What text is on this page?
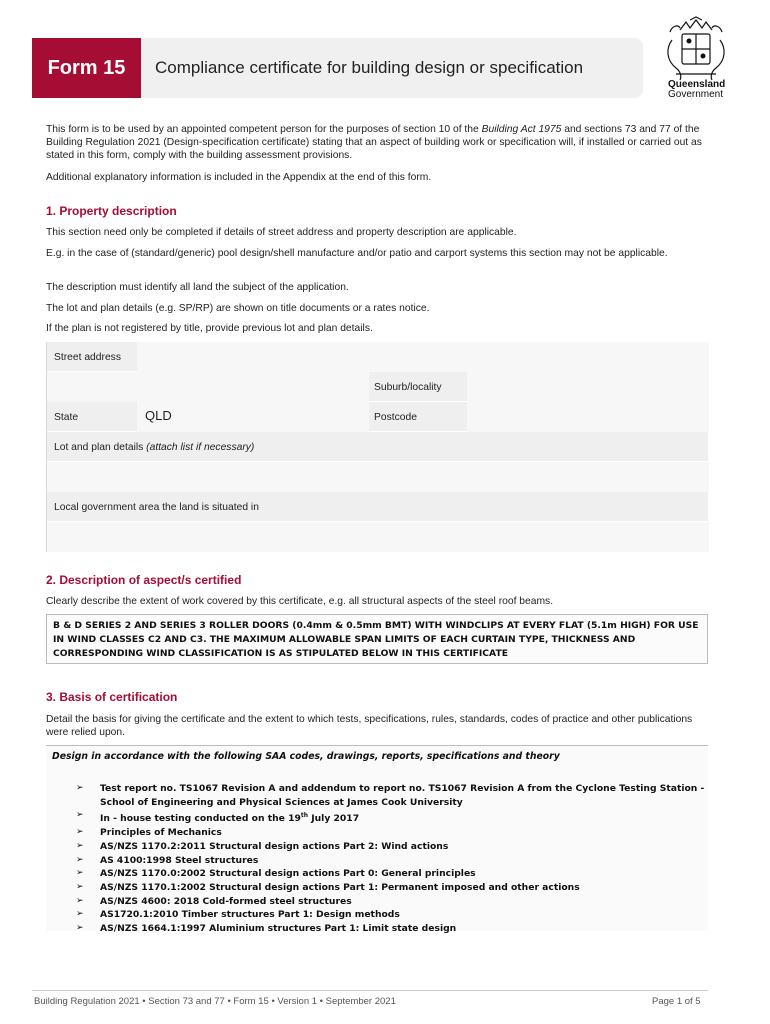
Form 15	Compliance certificate for building design or specification
Queensland
Government
This form is to be used by an appointed competent person for the purposes of section 10 of the Building Act 1975 and sections 73 and 77 of the Building Regulation 2021 (Design-specification certificate) stating that an aspect of building work or specification will, if installed or carried out as stated in this form, comply with the building assessment provisions.
Additional explanatory information is included in the Appendix at the end of this form.
1. Property description
This section need only be completed if details of street address and property description are applicable.
E.g. in the case of (standard/generic) pool design/shell manufacture and/or patio and carport systems this section may not be applicable.
The description must identify all land the subject of the application.
The lot and plan details (e.g. SP/RP) are shown on title documents or a rates notice.
If the plan is not registered by title, provide previous lot and plan details.
Street address
Suburb/locality
State	QLD	Postcode
Lot and plan details (attach list if necessary)
Local government area the land is situated in
2. Description of aspect/s certified
Clearly describe the extent of work covered by this certificate, e.g. all structural aspects of the steel roof beams.
B & D SERIES 2 AND SERIES 3 ROLLER DOORS (0.4mm & 0.5mm BMT) WITH WINDCLIPS AT EVERY FLAT (5.1m HIGH) FOR USE IN WIND CLASSES C2 AND C3. THE MAXIMUM ALLOWABLE SPAN LIMITS OF EACH CURTAIN TYPE, THICKNESS AND CORRESPONDING WIND CLASSIFICATION IS AS STIPULATED BELOW IN THIS CERTIFICATE
3. Basis of certification
Detail the basis for giving the certificate and the extent to which tests, specifications, rules, standards, codes of practice and other publications were relied upon.
Design in accordance with the following SAA codes, drawings, reports, specifications and theory
➢ Test report no. TS1067 Revision A and addendum to report no. TS1067 Revision A from the Cyclone Testing Station - School of Engineering and Physical Sciences at James Cook University
➢ In - house testing conducted on the 19th July 2017
➢ Principles of Mechanics
➢ AS/NZS 1170.2:2011 Structural design actions Part 2: Wind actions
➢ AS 4100:1998 Steel structures
➢ AS/NZS 1170.0:2002 Structural design actions Part 0: General principles
➢ AS/NZS 1170.1:2002 Structural design actions Part 1: Permanent imposed and other actions
➢ AS/NZS 4600: 2018 Cold-formed steel structures
➢ AS1720.1:2010 Timber structures Part 1: Design methods
➢ AS/NZS 1664.1:1997 Aluminium structures Part 1: Limit state design
Building Regulation 2021 • Section 73 and 77 • Form 15 • Version 1 • September 2021	Page 1 of 5
